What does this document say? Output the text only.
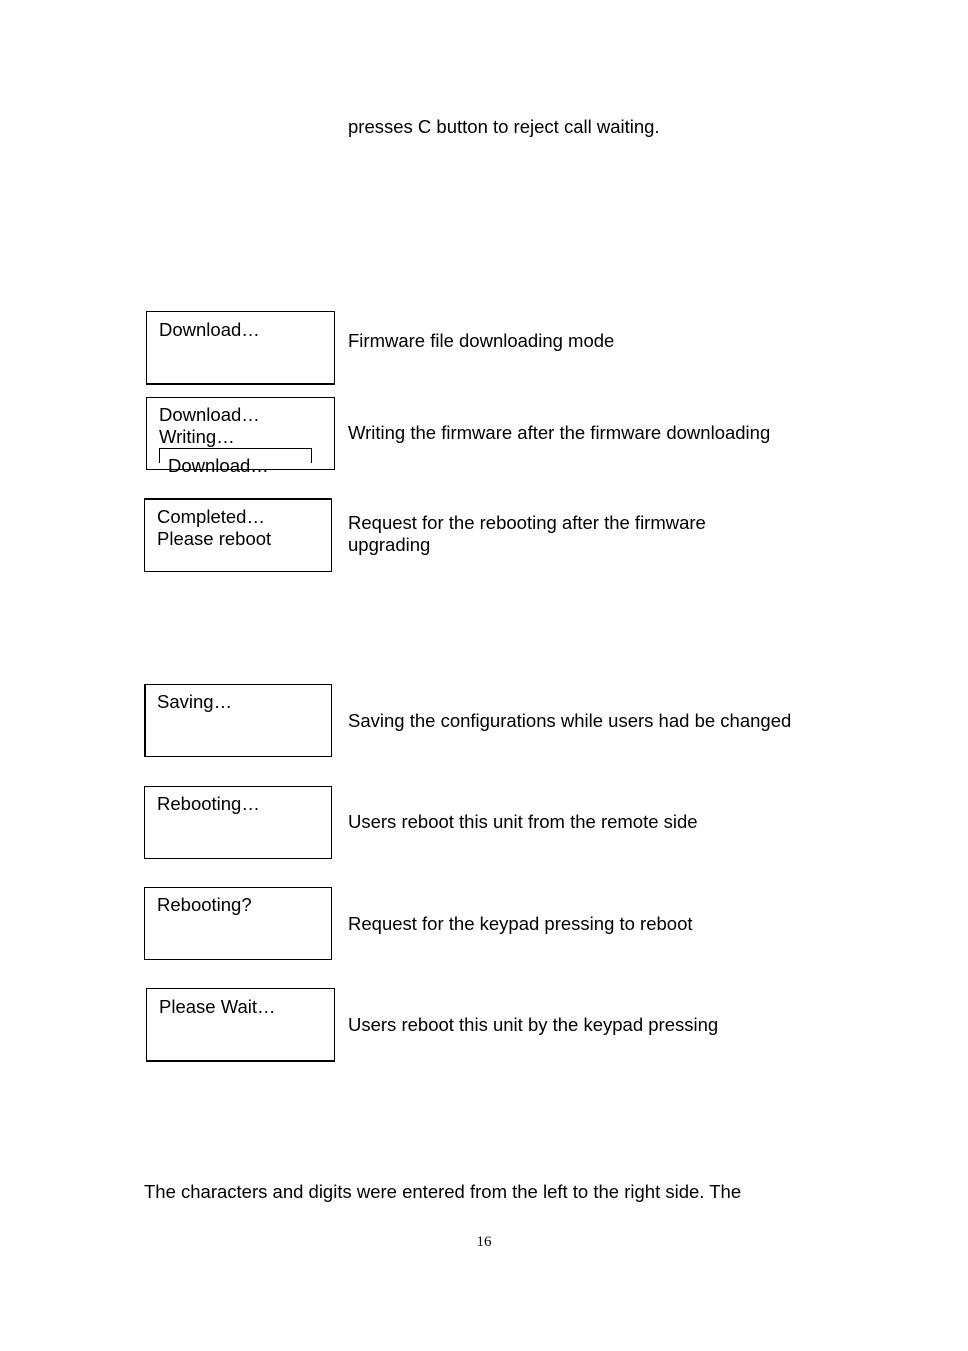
presses C button to reject call waiting.
Download…
Firmware file downloading mode
Download…
Writing…
Download…
Writing the firmware after the firmware downloading
Completed…
Please reboot
Request for the rebooting after the firmware
upgrading
Saving…
Saving the configurations while users had be changed
Rebooting…
Users reboot this unit from the remote side
Rebooting?
Request for the keypad pressing to reboot
Please Wait…
Users reboot this unit by the keypad pressing
The characters and digits were entered from the left to the right side. The
16
